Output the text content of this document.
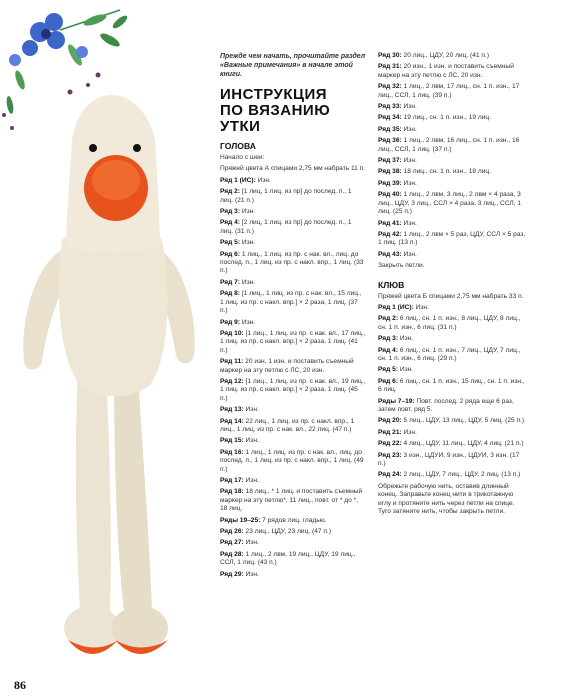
Прежде чем начать, прочитайте раздел «Важные примечания» в начале этой книги.
ИНСТРУКЦИЯ
ПО ВЯЗАНИЮ
УТКИ
ГОЛОВА
Начало с шеи:
Пряжей цвета А спицами 2,75 мм набрать 11 п.
Ряд 1 (ИС): Изн.
Ряд 2: [1 лиц, 1 лиц. из пр] до послед. п., 1 лиц. (21 п.)
Ряд 3: Изн.
Ряд 4: [2 лиц, 1 лиц. из пр] до послед. п., 1 лиц. (31 п.)
Ряд 5: Изн.
Ряд 6: 1 лиц., 1 лиц. из пр. с нак. вл., лиц. до послед. п., 1 лиц. из пр. с накл. впр., 1 лиц. (33 п.)
Ряд 7: Изн.
Ряд 8: [1 лиц., 1 лиц. из пр. с нак. вл., 15 лиц., 1 лиц. из пр. с накл. впр.] × 2 раза, 1 лиц. (37 п.)
Ряд 9: Изн.
Ряд 10: [1 лиц., 1 лиц. из пр. с нак. вл., 17 лиц., 1 лиц. из пр. с накл. впр.] × 2 раза, 1 лиц. (41 п.)
Ряд 11: 20 изн, 1 изн. и поставить съемный маркер на эту петлю с ЛС, 20 изн.
Ряд 12: [1 лиц., 1 лиц. из пр. с нак. вл., 19 лиц., 1 лиц. из пр. с накл. впр.] × 2 раза, 1 лиц. (45 п.)
Ряд 13: Изн.
Ряд 14: 22 лиц., 1 лиц. из пр. с накл. впр., 1 лиц., 1 лиц. из пр. с нак. вл., 22 лиц. (47 п.)
Ряд 15: Изн.
Ряд 16: 1 лиц., 1 лиц. из пр. с нак. вл., лиц. до послед. п., 1 лиц. из пр. с накл. впр., 1 лиц. (49 п.)
Ряд 17: Изн.
Ряд 18: 18 лиц., * 1 лиц. и поставить съемный маркер на эту петлю*, 11 лиц., повт. от * до *, 18 лиц.
Ряды 19–25: 7 рядов лиц. гладью.
Ряд 26: 23 лиц., ЦДУ, 23 лиц. (47 п.)
Ряд 27: Изн.
Ряд 28: 1 лиц., 2 лвм, 19 лиц., ЦДУ, 19 лиц., ССЛ, 1 лиц. (43 п.)
Ряд 29: Изн.
Ряд 30: 20 лиц., ЦДУ, 20 лиц. (41 п.)
Ряд 31: 20 изн., 1 изн. и поставить съемный маркер на эту петлю с ЛС, 20 изн.
Ряд 32: 1 лиц., 2 лвм, 17 лиц., сн. 1 п. изн., 17 лиц., ССЛ, 1 лиц. (39 п.)
Ряд 33: Изн.
Ряд 34: 19 лиц., сн. 1 п. изн., 19 лиц.
Ряд 35: Изн.
Ряд 36: 1 лиц., 2 лвм, 16 лиц., сн. 1 п. изн., 16 лиц., ССЛ, 1 лиц. (37 п.)
Ряд 37: Изн.
Ряд 38: 18 лиц., сн. 1 п. изн., 18 лиц.
Ряд 39: Изн.
Ряд 40: 1 лиц., 2 лвм, 3 лиц., 2 лвм × 4 раза, 3 лиц., ЦДУ, 3 лиц., ССЛ × 4 раза, 3 лиц., ССЛ, 1 лиц. (25 п.)
Ряд 41: Изн.
Ряд 42: 1 лиц., 2 лвм × 5 раз, ЦДУ, ССЛ × 5 раз, 1 лиц. (13 п.)
Ряд 43: Изн.
Закрыть петли.
КЛЮВ
Пряжей цвета Б спицами 2,75 мм набрать 33 п.
Ряд 1 (ИС): Изн.
Ряд 2: 6 лиц., сн. 1 п. изн., 8 лиц., ЦДУ, 8 лиц., сн. 1 п. изн., 6 лиц. (31 п.)
Ряд 3: Изн.
Ряд 4: 6 лиц., сн. 1 п. изн., 7 лиц., ЦДУ, 7 лиц., сн. 1 п. изн., 6 лиц. (29 п.)
Ряд 5: Изн.
Ряд 6: 6 лиц., сн. 1 п. изн., 15 лиц., сн. 1 п. изн., 6 лиц.
Ряды 7–19: Повт. послед. 2 ряда еще 6 раз, затем повт. ряд 5.
Ряд 20: 5 лиц., ЦДУ, 13 лиц., ЦДУ, 5 лиц. (25 п.)
Ряд 21: Изн.
Ряд 22: 4 лиц., ЦДУ, 11 лиц., ЦДУ, 4 лиц. (21 п.)
Ряд 23: 3 изн., ЦДУИ, 9 изн., ЦДУИ, 3 изн. (17 п.)
Ряд 24: 2 лиц., ЦДУ, 7 лиц., ЦДУ, 2 лиц. (13 п.)
Обрежьте рабочую нить, оставив длинный конец. Заправьте конец нити в трикотажную иглу и протяните нить через петли на спице. Туго затяните нить, чтобы закрыть петли.
86
